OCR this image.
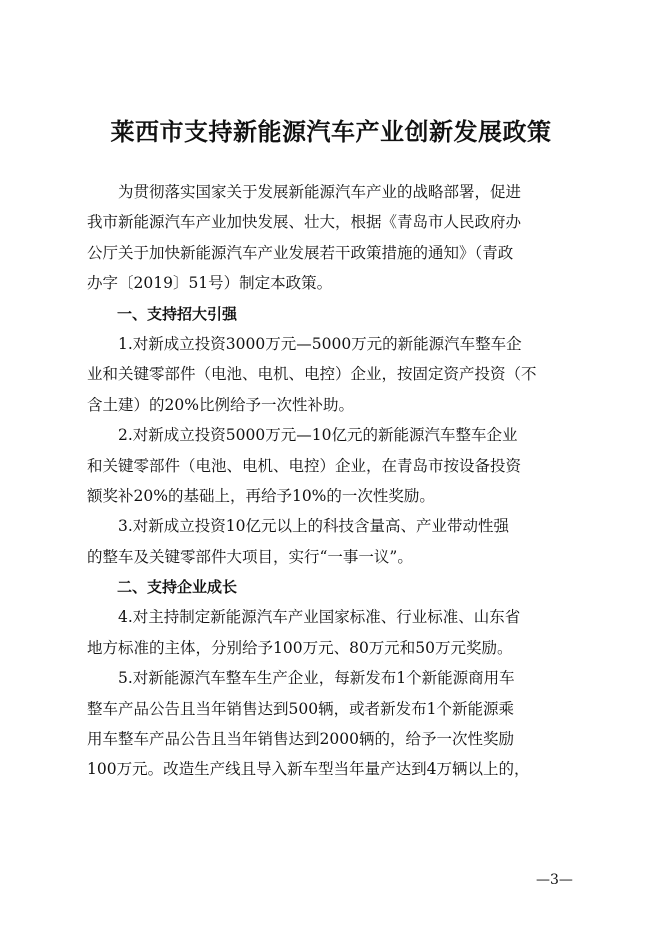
莱西市支持新能源汽车产业创新发展政策
　　为贯彻落实国家关于发展新能源汽车产业的战略部署，促进
我市新能源汽车产业加快发展、壮大，根据《青岛市人民政府办
公厅关于加快新能源汽车产业发展若干政策措施的通知》（青政
办字〔2019〕51号）制定本政策。
　　一、支持招大引强
　　1.对新成立投资3000万元—5000万元的新能源汽车整车企
业和关键零部件（电池、电机、电控）企业，按固定资产投资（不
含土建）的20%比例给予一次性补助。
　　2.对新成立投资5000万元—10亿元的新能源汽车整车企业
和关键零部件（电池、电机、电控）企业，在青岛市按设备投资
额奖补20%的基础上，再给予10%的一次性奖励。
　　3.对新成立投资10亿元以上的科技含量高、产业带动性强
的整车及关键零部件大项目，实行“一事一议”。
　　二、支持企业成长
　　4.对主持制定新能源汽车产业国家标准、行业标准、山东省
地方标准的主体，分别给予100万元、80万元和50万元奖励。
　　5.对新能源汽车整车生产企业，每新发布1个新能源商用车
整车产品公告且当年销售达到500辆，或者新发布1个新能源乘
用车整车产品公告且当年销售达到2000辆的，给予一次性奖励
100万元。改造生产线且导入新车型当年量产达到4万辆以上的，
—3—
